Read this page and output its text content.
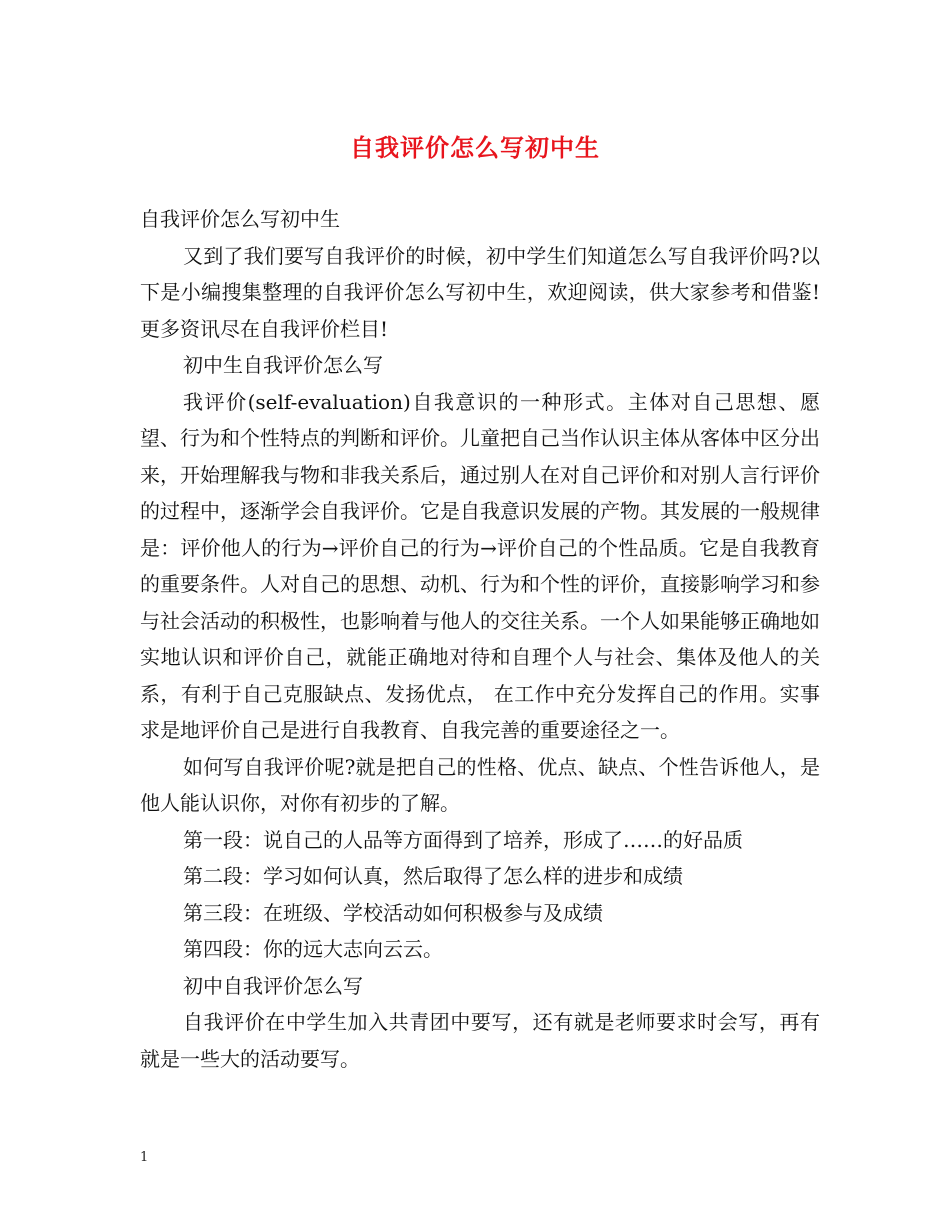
自我评价怎么写初中生

自我评价怎么写初中生

又到了我们要写自我评价的时候，初中学生们知道怎么写自我评价吗?以下是小编搜集整理的自我评价怎么写初中生，欢迎阅读，供大家参考和借鉴!更多资讯尽在自我评价栏目!

初中生自我评价怎么写

我评价(self-evaluation)自我意识的一种形式。主体对自己思想、愿望、行为和个性特点的判断和评价。儿童把自己当作认识主体从客体中区分出来，开始理解我与物和非我关系后，通过别人在对自己评价和对别人言行评价的过程中，逐渐学会自我评价。它是自我意识发展的产物。其发展的一般规律是：评价他人的行为→评价自己的行为→评价自己的个性品质。它是自我教育的重要条件。人对自己的思想、动机、行为和个性的评价，直接影响学习和参与社会活动的积极性，也影响着与他人的交往关系。一个人如果能够正确地如实地认识和评价自己，就能正确地对待和自理个人与社会、集体及他人的关系，有利于自己克服缺点、发扬优点， 在工作中充分发挥自己的作用。实事求是地评价自己是进行自我教育、自我完善的重要途径之一。

如何写自我评价呢?就是把自己的性格、优点、缺点、个性告诉他人，是他人能认识你，对你有初步的了解。

第一段：说自己的人品等方面得到了培养，形成了……的好品质

第二段：学习如何认真，然后取得了怎么样的进步和成绩

第三段：在班级、学校活动如何积极参与及成绩

第四段：你的远大志向云云。

初中自我评价怎么写

自我评价在中学生加入共青团中要写，还有就是老师要求时会写，再有就是一些大的活动要写。

1
